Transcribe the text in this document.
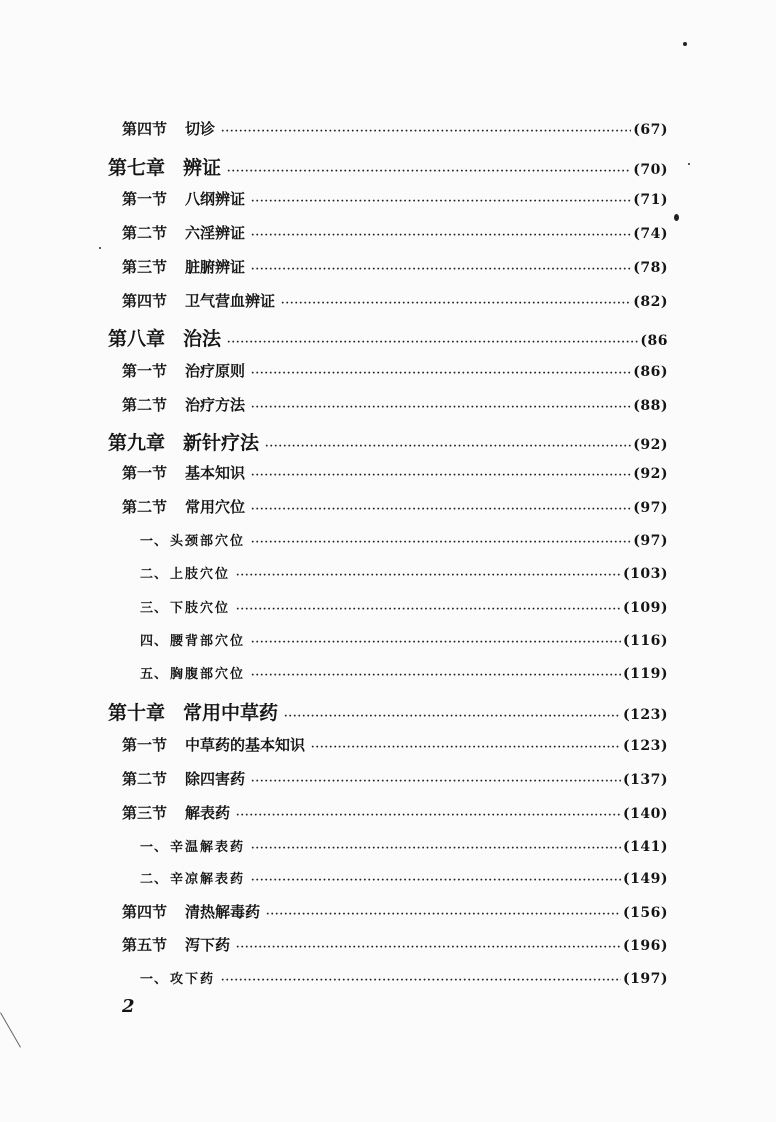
第四节 切诊 ·····	(67)
第七章 辨证 ·····	(70)
第一节 八纲辨证 ·····	(71)
第二节 六淫辨证 ·····	(74)
第三节 脏腑辨证 ·····	(78)
第四节 卫气营血辨证 ·····	(82)
第八章 治法 ·····	(86
第一节 治疗原则 ·····	(86)
第二节 治疗方法 ·····	(88)
第九章 新针疗法 ·····	(92)
第一节 基本知识 ·····	(92)
第二节 常用穴位 ·····	(97)
一、 头颈部穴位 ·····	(97)
二、 上肢穴位 ·····	(103)
三、 下肢穴位 ·····	(109)
四、 腰背部穴位 ·····	(116)
五、 胸腹部穴位 ·····	(119)
第十章 常用中草药 ·····	(123)
第一节 中草药的基本知识 ·····	(123)
第二节 除四害药 ·····	(137)
第三节 解表药 ·····	(140)
一、 辛温解表药 ·····	(141)
二、 辛凉解表药 ·····	(149)
第四节 清热解毒药 ·····	(156)
第五节 泻下药 ·····	(196)
一、 攻下药 ·····	(197)
2
